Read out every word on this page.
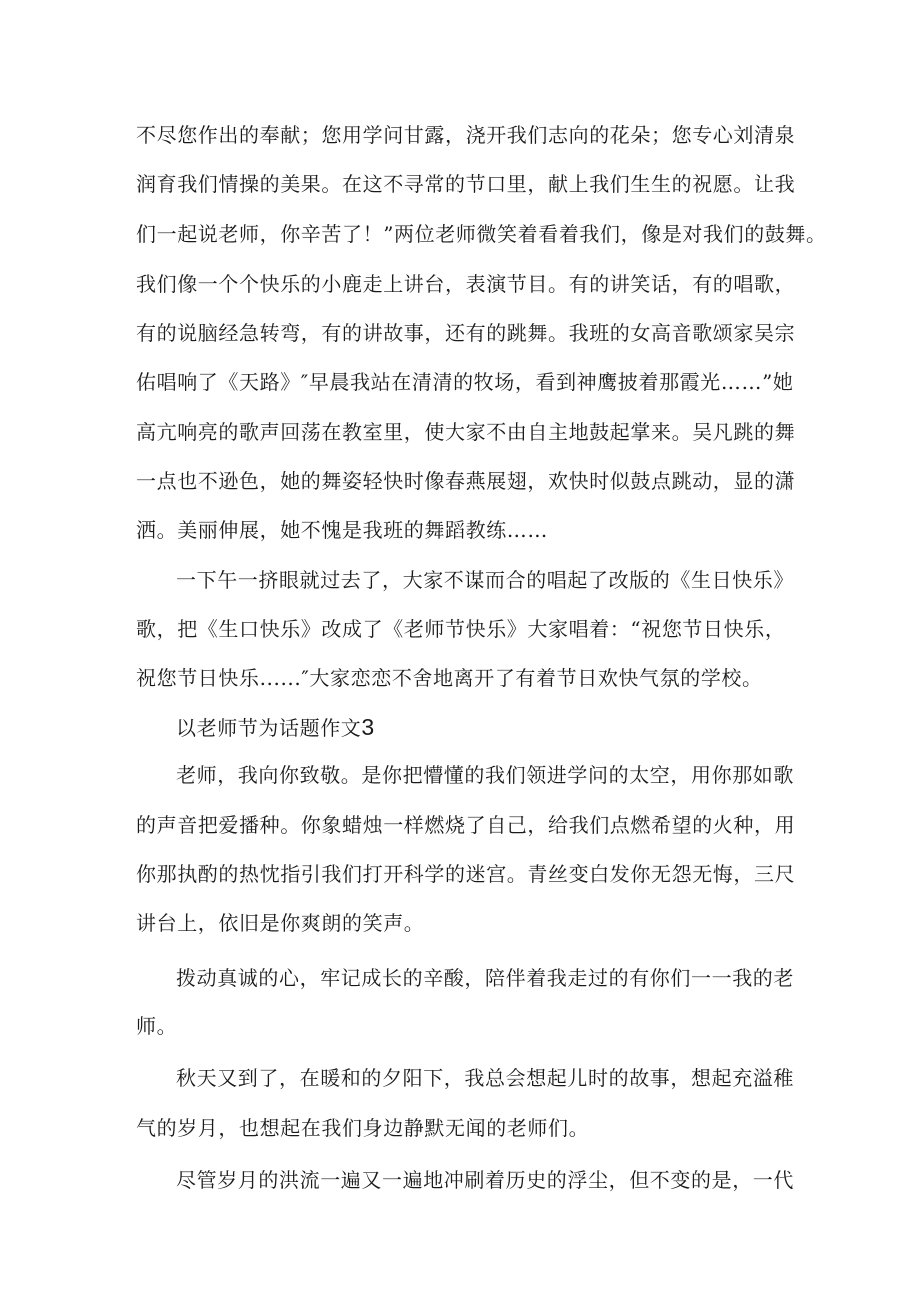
不尽您作出的奉献；您用学问甘露，浇开我们志向的花朵；您专心刘清泉
润育我们情操的美果。在这不寻常的节口里，献上我们生生的祝愿。让我
们一起说老师，你辛苦了！”两位老师微笑着看着我们，像是对我们的鼓舞。
我们像一个个快乐的小鹿走上讲台，表演节目。有的讲笑话，有的唱歌，
有的说脑经急转弯，有的讲故事，还有的跳舞。我班的女高音歌颂家吴宗
佑唱响了《天路》″早晨我站在清清的牧场，看到神鹰披着那霞光……”她
高亢响亮的歌声回荡在教室里，使大家不由自主地鼓起掌来。吴凡跳的舞
一点也不逊色，她的舞姿轻快时像春燕展翅，欢快时似鼓点跳动，显的潇
洒。美丽伸展，她不愧是我班的舞蹈教练……
一下午一挤眼就过去了，大家不谋而合的唱起了改版的《生日快乐》
歌，把《生口快乐》改成了《老师节快乐》大家唱着：“祝您节日快乐，
祝您节日快乐......″大家恋恋不舍地离开了有着节日欢快气氛的学校。
以老师节为话题作文3
老师，我向你致敬。是你把懵懂的我们领进学问的太空，用你那如歌
的声音把爱播种。你象蜡烛一样燃烧了自己，给我们点燃希望的火种，用
你那执酌的热忱指引我们打开科学的迷宫。青丝变白发你无怨无悔，三尺
讲台上，依旧是你爽朗的笑声。
拨动真诚的心，牢记成长的辛酸，陪伴着我走过的有你们一一我的老
师。
秋天又到了，在暖和的夕阳下，我总会想起儿时的故事，想起充溢稚
气的岁月，也想起在我们身边静默无闻的老师们。
尽管岁月的洪流一遍又一遍地冲刷着历史的浮尘，但不变的是，一代
